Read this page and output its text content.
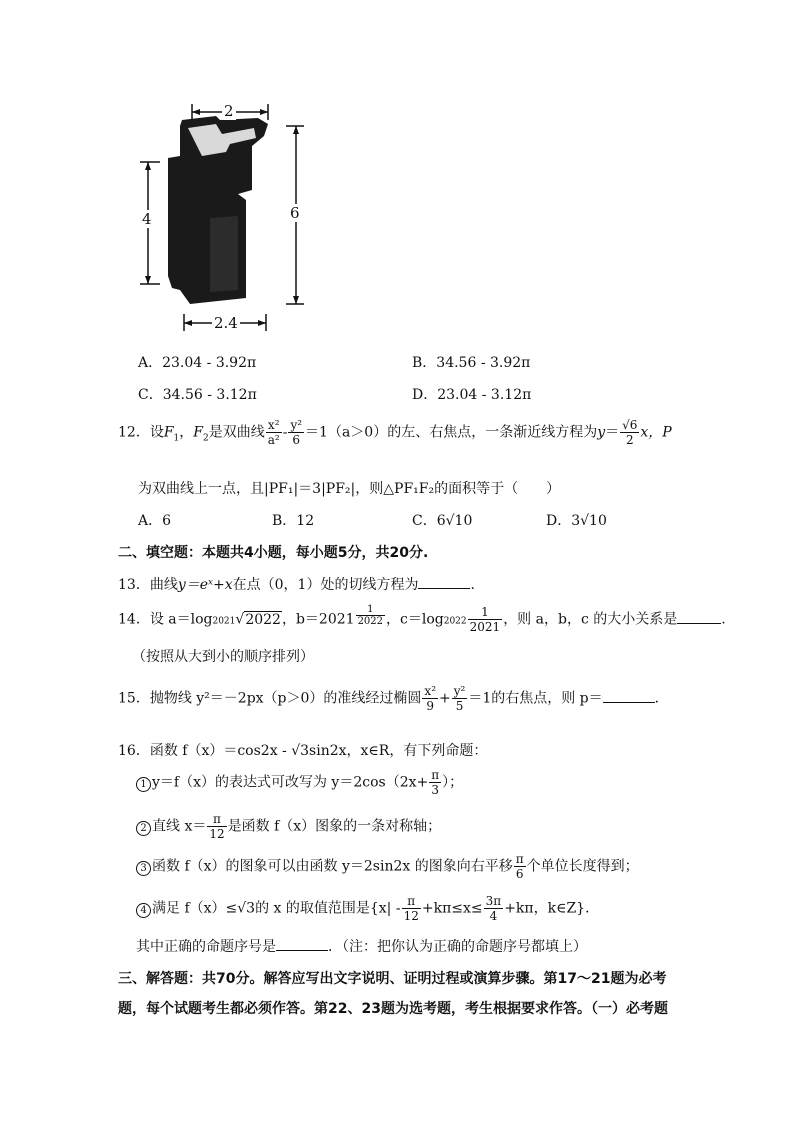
2
4	6
2.4
A．23.04 - 3.92π	B．34.56 - 3.92π
C．34.56 - 3.12π	D．23.04 - 3.12π
12．设$F_1$，$F_2$是双曲线 $\frac{\text{x²}}{\text{a²}} - \frac{\text{y²}}{6} =1(a>0)$的左、右焦点，一条渐近线方程为$y= \frac{√6}{2}$ x，P
为双曲线上一点，且|PF₁|＝3|PF₂|，则△PF₁F₂的面积等于（　　）
A．6	B．12	C．6√10	D．3√10
二、填空题：本题共4小题，每小题5分，共20分.
13．曲线y＝eˣ+x在点（0，1）处的切线方程为	．
14．设 a＝log2021√2022，b＝2021 $^{\frac{1}{2022}}$ ，$c=\log 2022 \frac{1}{2021}$ ，则 a，b，c 的大小关系是	.
（按照从大到小的顺序排列）
15．抛物线 y²＝－2px（p＞0）的准线经过椭圆 $\frac{\text{x²}}{9} + \frac{\text{y²}}{5} =1$的右焦点，则 p＝	．
16．函数 f（x）＝cos2x - √3sin2x，x∈R，有下列命题：
1 y＝f（x）的表达式可改写为 $y=2\cos(2x+ \frac{\pi}{3}$ ）；
2 直线 $x= \frac{\pi}{12}$ 是函数 f（x）图象的一条对称轴；
3 函数 f（x）的图象可以由函数 y＝2sin2x 的图象向右平移 $\frac{\pi}{6}$ 个单位长度得到；
4 满足 f（x）≤√3的 x 的取值范围是{$x| - \frac{\pi}{12} +k\pi\le x\le \frac{3\pi}{4} +k\pi$，k∈Z}．
其中正确的命题序号是	．（注：把你认为正确的命题序号都填上）
三、解答题：共70分。解答应写出文字说明、证明过程或演算步骤。第17～21题为必考
题，每个试题考生都必须作答。第22、23题为选考题，考生根据要求作答。（一）必考题
